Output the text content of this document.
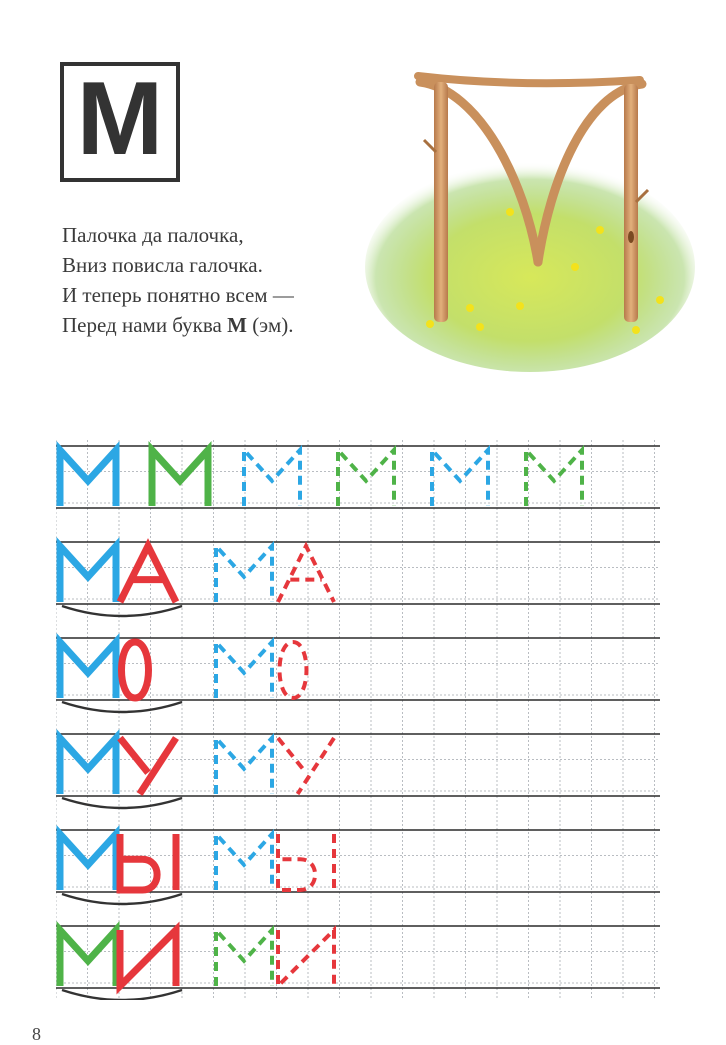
М
Палочка да палочка,
Вниз повисла галочка.
И теперь понятно всем —
Перед нами буква М (эм).
8
